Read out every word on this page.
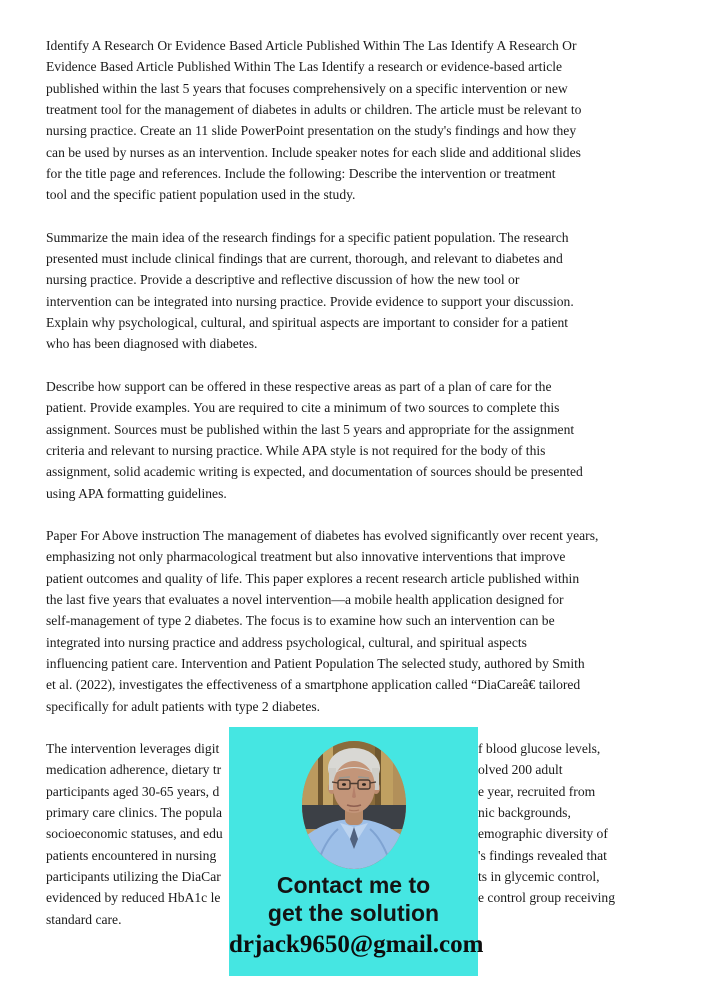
Identify A Research Or Evidence Based Article Published Within The Las Identify A Research Or
Evidence Based Article Published Within The Las Identify a research or evidence-based article
published within the last 5 years that focuses comprehensively on a specific intervention or new
treatment tool for the management of diabetes in adults or children. The article must be relevant to
nursing practice. Create an 11 slide PowerPoint presentation on the study's findings and how they
can be used by nurses as an intervention. Include speaker notes for each slide and additional slides
for the title page and references. Include the following: Describe the intervention or treatment
tool and the specific patient population used in the study.
Summarize the main idea of the research findings for a specific patient population. The research
presented must include clinical findings that are current, thorough, and relevant to diabetes and
nursing practice. Provide a descriptive and reflective discussion of how the new tool or
intervention can be integrated into nursing practice. Provide evidence to support your discussion.
Explain why psychological, cultural, and spiritual aspects are important to consider for a patient
who has been diagnosed with diabetes.
Describe how support can be offered in these respective areas as part of a plan of care for the
patient. Provide examples. You are required to cite a minimum of two sources to complete this
assignment. Sources must be published within the last 5 years and appropriate for the assignment
criteria and relevant to nursing practice. While APA style is not required for the body of this
assignment, solid academic writing is expected, and documentation of sources should be presented
using APA formatting guidelines.
Paper For Above instruction The management of diabetes has evolved significantly over recent years,
emphasizing not only pharmacological treatment but also innovative interventions that improve
patient outcomes and quality of life. This paper explores a recent research article published within
the last five years that evaluates a novel intervention—a mobile health application designed for
self-management of type 2 diabetes. The focus is to examine how such an intervention can be
integrated into nursing practice and address psychological, cultural, and spiritual aspects
influencing patient care. Intervention and Patient Population The selected study, authored by Smith
et al. (2022), investigates the effectiveness of a smartphone application called “DiaCareâ€ tailored
specifically for adult patients with type 2 diabetes.
The intervention leverages digit	f blood glucose levels,
medication adherence, dietary tr	olved 200 adult
participants aged 30-65 years, d	e year, recruited from
primary care clinics. The popula	nic backgrounds,
socioeconomic statuses, and edu	emographic diversity of
patients encountered in nursing	's findings revealed that
participants utilizing the DiaCar	ts in glycemic control,
evidenced by reduced HbA1c le	e control group receiving
standard care.
Contact me to
get the solution
drjack9650@gmail.com
